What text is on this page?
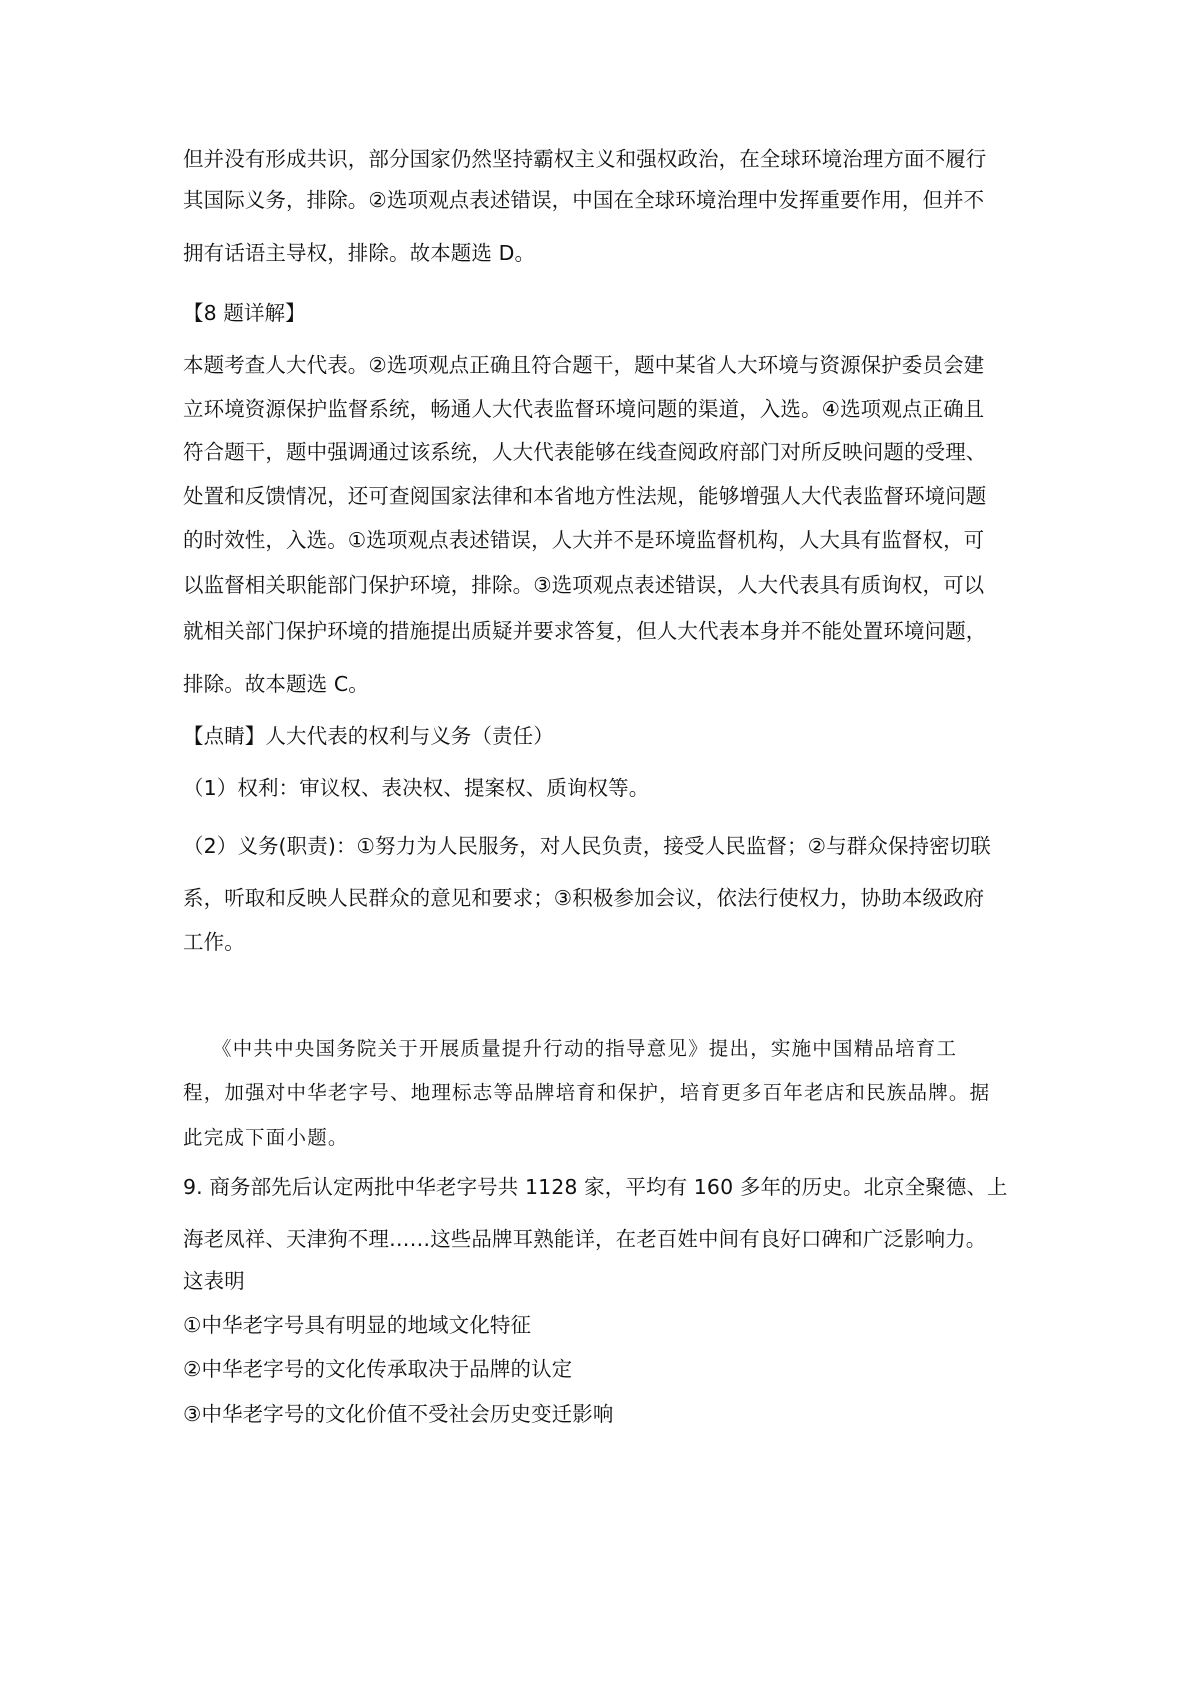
但并没有形成共识，部分国家仍然坚持霸权主义和强权政治，在全球环境治理方面不履行
其国际义务，排除。②选项观点表述错误，中国在全球环境治理中发挥重要作用，但并不
拥有话语主导权，排除。故本题选 D。
【8 题详解】
本题考查人大代表。②选项观点正确且符合题干，题中某省人大环境与资源保护委员会建
立环境资源保护监督系统，畅通人大代表监督环境问题的渠道，入选。④选项观点正确且
符合题干，题中强调通过该系统，人大代表能够在线查阅政府部门对所反映问题的受理、
处置和反馈情况，还可查阅国家法律和本省地方性法规，能够增强人大代表监督环境问题
的时效性，入选。①选项观点表述错误，人大并不是环境监督机构，人大具有监督权，可
以监督相关职能部门保护环境，排除。③选项观点表述错误，人大代表具有质询权，可以
就相关部门保护环境的措施提出质疑并要求答复，但人大代表本身并不能处置环境问题，
排除。故本题选 C。
【点睛】人大代表的权利与义务（责任）
（1）权利：审议权、表决权、提案权、质询权等。
（2）义务(职责)：①努力为人民服务，对人民负责，接受人民监督；②与群众保持密切联
系，听取和反映人民群众的意见和要求；③积极参加会议，依法行使权力，协助本级政府
工作。
《中共中央国务院关于开展质量提升行动的指导意见》提出，实施中国精品培育工
程，加强对中华老字号、地理标志等品牌培育和保护，培育更多百年老店和民族品牌。据
此完成下面小题。
9. 商务部先后认定两批中华老字号共 1128 家，平均有 160 多年的历史。北京全聚德、上
海老凤祥、天津狗不理……这些品牌耳熟能详，在老百姓中间有良好口碑和广泛影响力。
这表明
①中华老字号具有明显的地域文化特征
②中华老字号的文化传承取决于品牌的认定
③中华老字号的文化价值不受社会历史变迁影响
